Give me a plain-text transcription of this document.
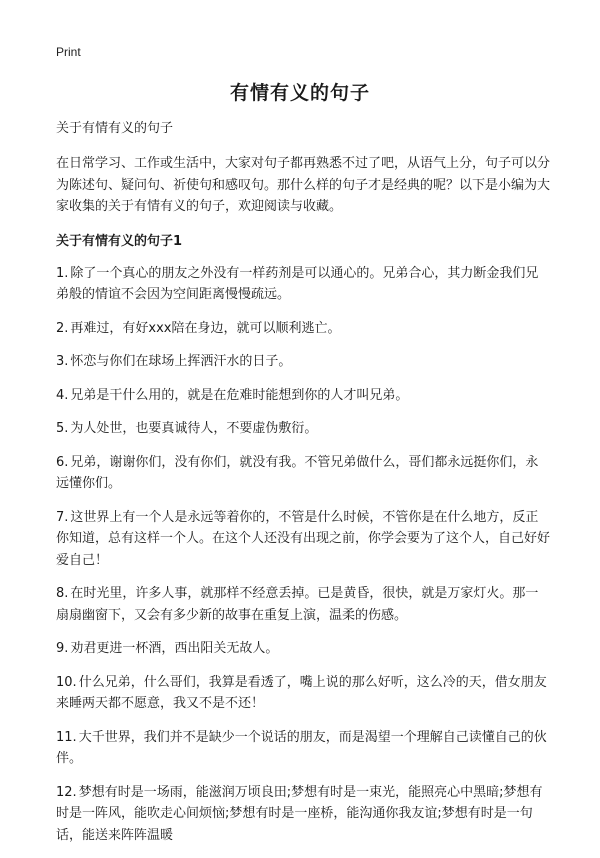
Print
有情有义的句子

关于有情有义的句子

在日常学习、工作或生活中，大家对句子都再熟悉不过了吧，从语气上分，句子可以分为陈述句、疑问句、祈使句和感叹句。那什么样的句子才是经典的呢？以下是小编为大家收集的关于有情有义的句子，欢迎阅读与收藏。

关于有情有义的句子1

1. 除了一个真心的朋友之外没有一样药剂是可以通心的。兄弟合心，其力断金我们兄弟般的情谊不会因为空间距离慢慢疏远。

2. 再难过，有好xxx陪在身边，就可以顺利逃亡。

3. 怀恋与你们在球场上挥洒汗水的日子。

4. 兄弟是干什么用的，就是在危难时能想到你的人才叫兄弟。

5. 为人处世，也要真诚待人，不要虚伪敷衍。

6. 兄弟，谢谢你们，没有你们，就没有我。不管兄弟做什么，哥们都永远挺你们，永远懂你们。

7. 这世界上有一个人是永远等着你的，不管是什么时候，不管你是在什么地方，反正你知道，总有这样一个人。在这个人还没有出现之前，你学会要为了这个人，自己好好爱自己！

8. 在时光里，许多人事，就那样不经意丢掉。已是黄昏，很快，就是万家灯火。那一扇扇幽窗下，又会有多少新的故事在重复上演，温柔的伤感。

9. 劝君更进一杯酒，西出阳关无故人。

10. 什么兄弟，什么哥们，我算是看透了，嘴上说的那么好听，这么冷的天，借女朋友来睡两天都不愿意，我又不是不还！

11. 大千世界，我们并不是缺少一个说话的朋友，而是渴望一个理解自己读懂自己的伙伴。

12. 梦想有时是一场雨，能滋润万顷良田;梦想有时是一束光，能照亮心中黑暗;梦想有时是一阵风，能吹走心间烦恼;梦想有时是一座桥，能沟通你我友谊;梦想有时是一句话，能送来阵阵温暖
